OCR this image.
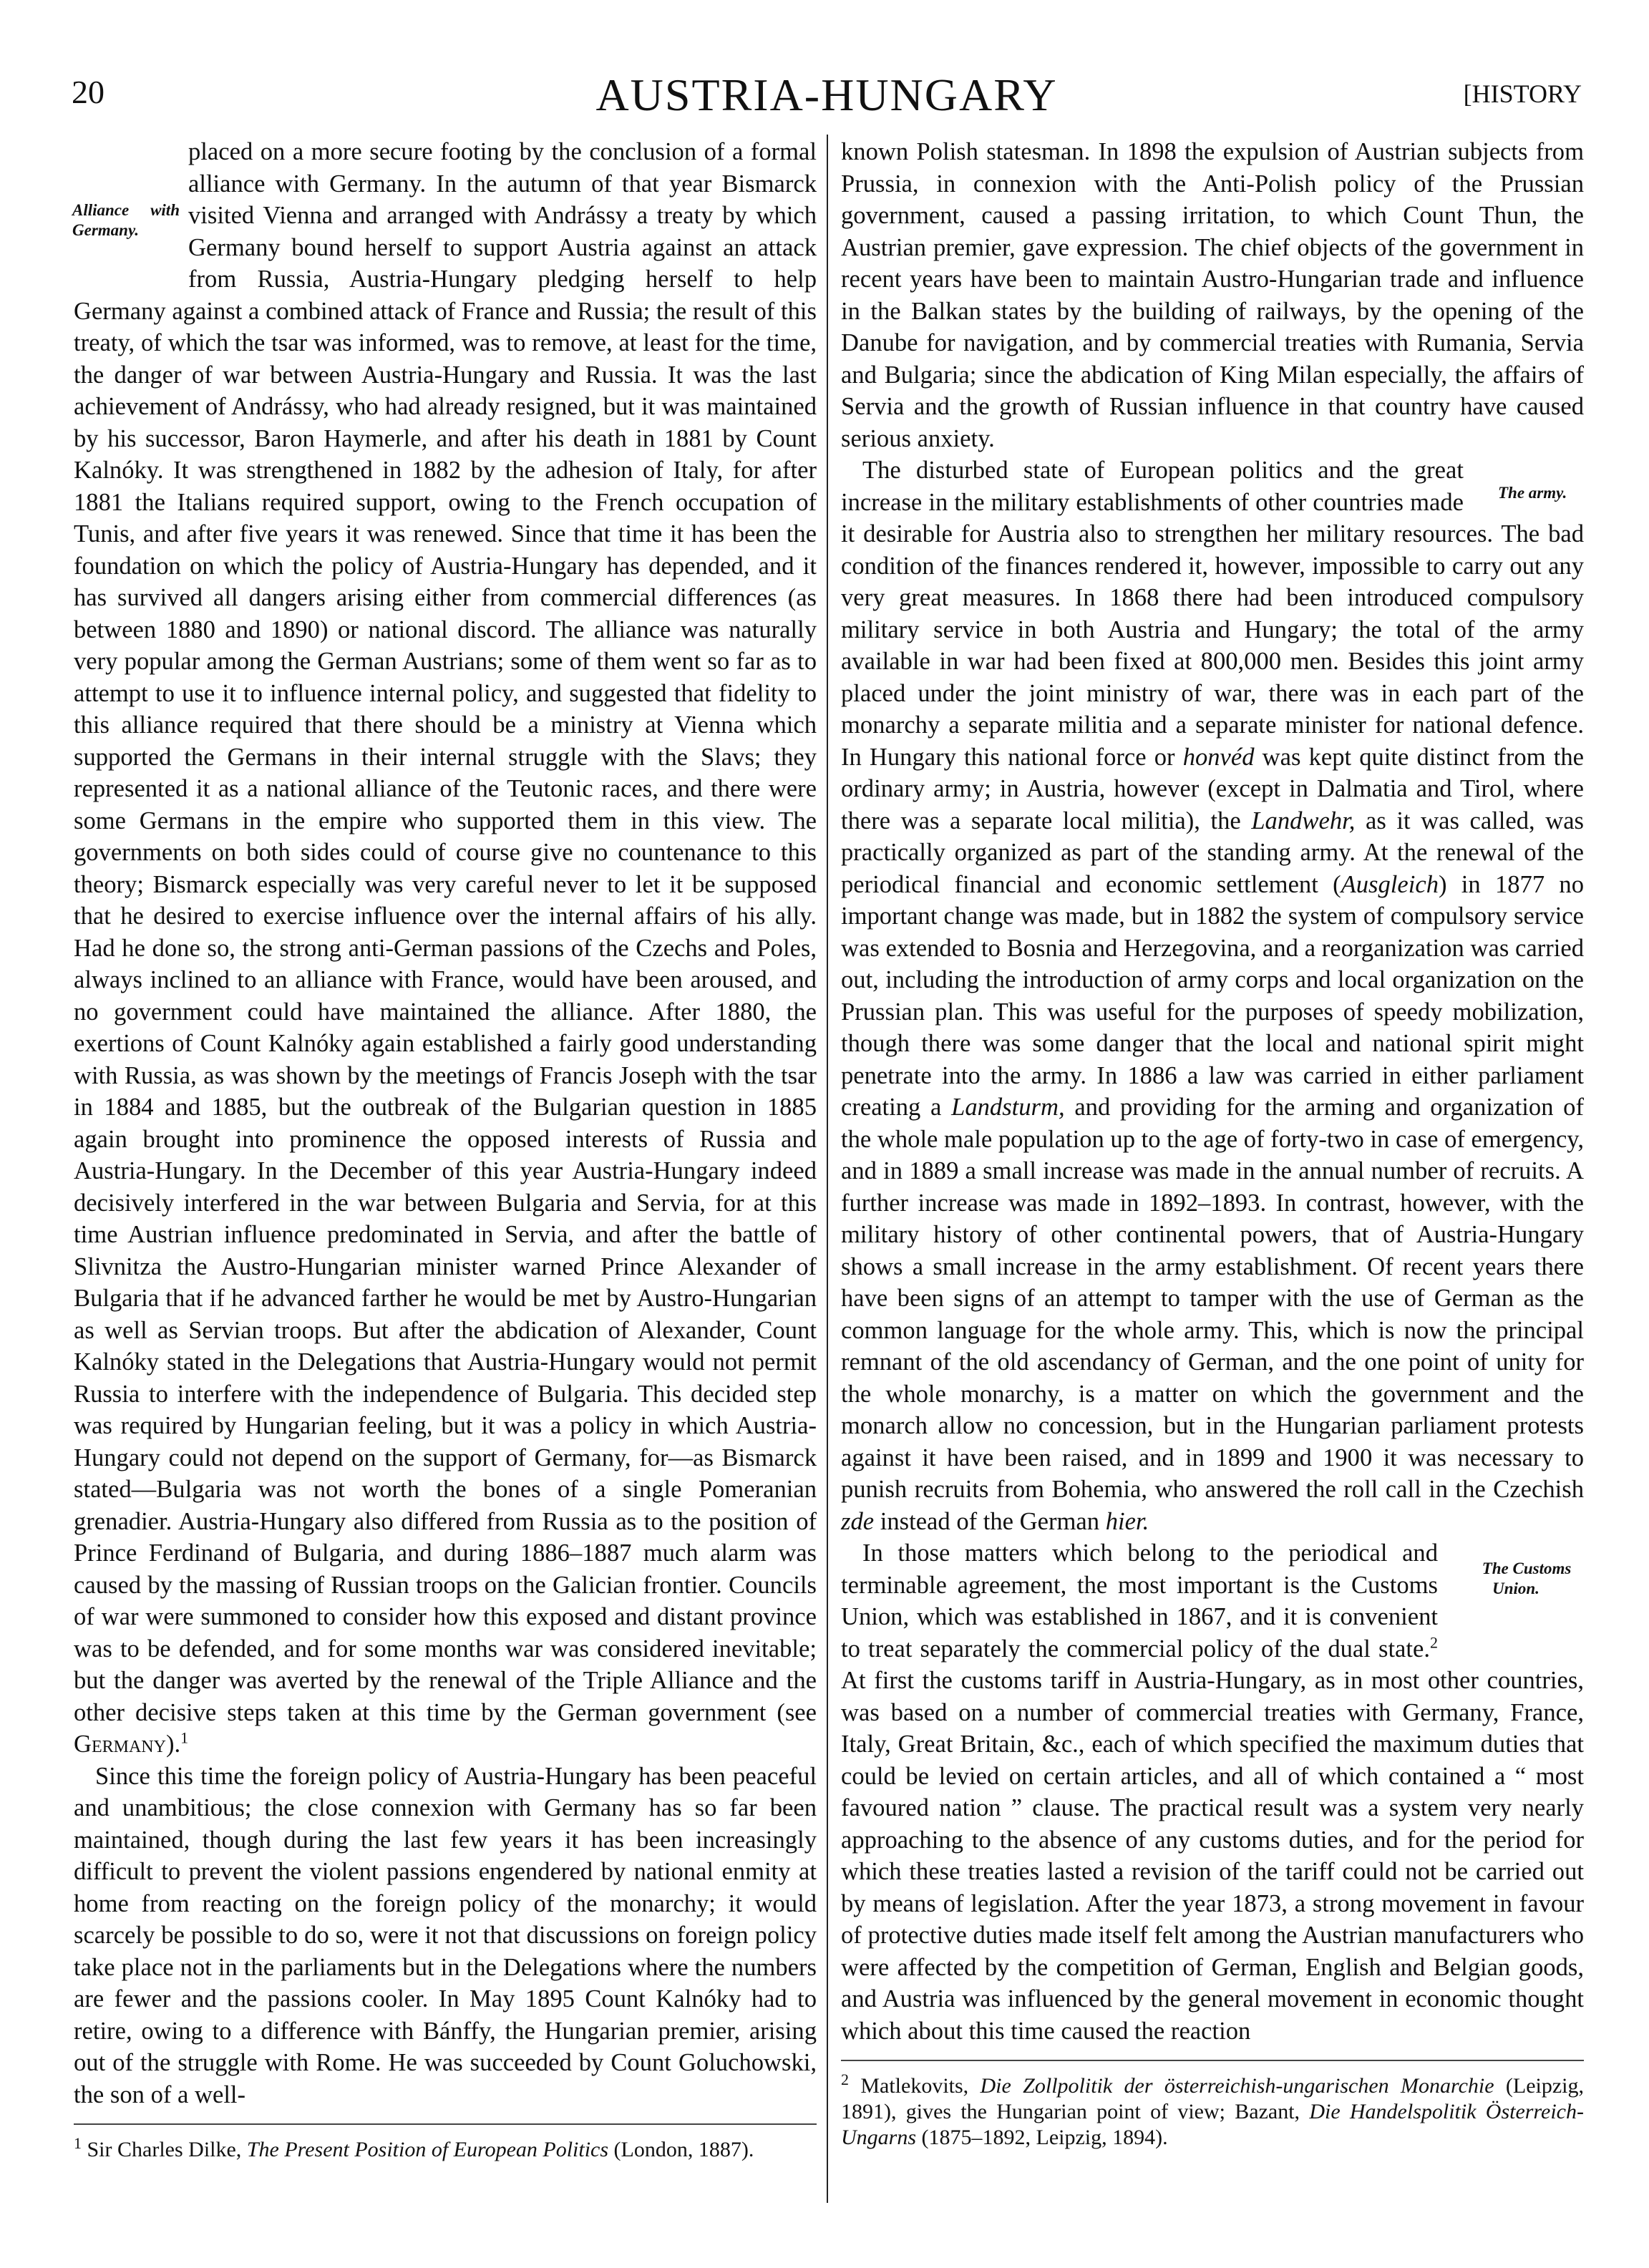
20	AUSTRIA-HUNGARY	[HISTORY

Alliance with Germany.
placed on a more secure footing by the conclusion of a formal alliance with Germany. In the autumn of that year Bismarck visited Vienna and arranged with Andrássy a treaty by which Germany bound herself to support Austria against an attack from Russia, Austria-Hungary pledging herself to help Germany against a combined attack of France and Russia; the result of this treaty, of which the tsar was informed, was to remove, at least for the time, the danger of war between Austria-Hungary and Russia. It was the last achievement of Andrássy, who had already resigned, but it was maintained by his successor, Baron Haymerle, and after his death in 1881 by Count Kalnóky. It was strengthened in 1882 by the adhesion of Italy, for after 1881 the Italians required support, owing to the French occupation of Tunis, and after five years it was renewed. Since that time it has been the foundation on which the policy of Austria-Hungary has depended, and it has survived all dangers arising either from commercial differences (as between 1880 and 1890) or national discord. The alliance was naturally very popular among the German Austrians; some of them went so far as to attempt to use it to influence internal policy, and suggested that fidelity to this alliance required that there should be a ministry at Vienna which supported the Germans in their internal struggle with the Slavs; they represented it as a national alliance of the Teutonic races, and there were some Germans in the empire who supported them in this view. The governments on both sides could of course give no countenance to this theory; Bismarck especially was very careful never to let it be supposed that he desired to exercise influence over the internal affairs of his ally. Had he done so, the strong anti-German passions of the Czechs and Poles, always inclined to an alliance with France, would have been aroused, and no government could have maintained the alliance. After 1880, the exertions of Count Kalnóky again established a fairly good understanding with Russia, as was shown by the meetings of Francis Joseph with the tsar in 1884 and 1885, but the outbreak of the Bulgarian question in 1885 again brought into prominence the opposed interests of Russia and Austria-Hungary. In the December of this year Austria-Hungary indeed decisively interfered in the war between Bulgaria and Servia, for at this time Austrian influence predominated in Servia, and after the battle of Slivnitza the Austro-Hungarian minister warned Prince Alexander of Bulgaria that if he advanced farther he would be met by Austro-Hungarian as well as Servian troops. But after the abdication of Alexander, Count Kalnóky stated in the Delegations that Austria-Hungary would not permit Russia to interfere with the independence of Bulgaria. This decided step was required by Hungarian feeling, but it was a policy in which Austria-Hungary could not depend on the support of Germany, for—as Bismarck stated—Bulgaria was not worth the bones of a single Pomeranian grenadier. Austria-Hungary also differed from Russia as to the position of Prince Ferdinand of Bulgaria, and during 1886–1887 much alarm was caused by the massing of Russian troops on the Galician frontier. Councils of war were summoned to consider how this exposed and distant province was to be defended, and for some months war was considered inevitable; but the danger was averted by the renewal of the Triple Alliance and the other decisive steps taken at this time by the German government (see Germany).$^1$

Since this time the foreign policy of Austria-Hungary has been peaceful and unambitious; the close connexion with Germany has so far been maintained, though during the last few years it has been increasingly difficult to prevent the violent passions engendered by national enmity at home from reacting on the foreign policy of the monarchy; it would scarcely be possible to do so, were it not that discussions on foreign policy take place not in the parliaments but in the Delegations where the numbers are fewer and the passions cooler. In May 1895 Count Kalnóky had to retire, owing to a difference with Bánffy, the Hungarian premier, arising out of the struggle with Rome. He was succeeded by Count Goluchowski, the son of a well-

$^1$ Sir Charles Dilke, The Present Position of European Politics (London, 1887).

known Polish statesman. In 1898 the expulsion of Austrian subjects from Prussia, in connexion with the Anti-Polish policy of the Prussian government, caused a passing irritation, to which Count Thun, the Austrian premier, gave expression. The chief objects of the government in recent years have been to maintain Austro-Hungarian trade and influence in the Balkan states by the building of railways, by the opening of the Danube for navigation, and by commercial treaties with Rumania, Servia and Bulgaria; since the abdication of King Milan especially, the affairs of Servia and the growth of Russian influence in that country have caused serious anxiety.

The army.
The disturbed state of European politics and the great increase in the military establishments of other countries made it desirable for Austria also to strengthen her military resources. The bad condition of the finances rendered it, however, impossible to carry out any very great measures. In 1868 there had been introduced compulsory military service in both Austria and Hungary; the total of the army available in war had been fixed at 800,000 men. Besides this joint army placed under the joint ministry of war, there was in each part of the monarchy a separate militia and a separate minister for national defence. In Hungary this national force or honvéd was kept quite distinct from the ordinary army; in Austria, however (except in Dalmatia and Tirol, where there was a separate local militia), the Landwehr, as it was called, was practically organized as part of the standing army. At the renewal of the periodical financial and economic settlement (Ausgleich) in 1877 no important change was made, but in 1882 the system of compulsory service was extended to Bosnia and Herzegovina, and a reorganization was carried out, including the introduction of army corps and local organization on the Prussian plan. This was useful for the purposes of speedy mobilization, though there was some danger that the local and national spirit might penetrate into the army. In 1886 a law was carried in either parliament creating a Landsturm, and providing for the arming and organization of the whole male population up to the age of forty-two in case of emergency, and in 1889 a small increase was made in the annual number of recruits. A further increase was made in 1892–1893. In contrast, however, with the military history of other continental powers, that of Austria-Hungary shows a small increase in the army establishment. Of recent years there have been signs of an attempt to tamper with the use of German as the common language for the whole army. This, which is now the principal remnant of the old ascendancy of German, and the one point of unity for the whole monarchy, is a matter on which the government and the monarch allow no concession, but in the Hungarian parliament protests against it have been raised, and in 1899 and 1900 it was necessary to punish recruits from Bohemia, who answered the roll call in the Czechish zde instead of the German hier.

The Customs Union.
In those matters which belong to the periodical and terminable agreement, the most important is the Customs Union, which was established in 1867, and it is convenient to treat separately the commercial policy of the dual state.$^2$ At first the customs tariff in Austria-Hungary, as in most other countries, was based on a number of commercial treaties with Germany, France, Italy, Great Britain, &c., each of which specified the maximum duties that could be levied on certain articles, and all of which contained a “ most favoured nation ” clause. The practical result was a system very nearly approaching to the absence of any customs duties, and for the period for which these treaties lasted a revision of the tariff could not be carried out by means of legislation. After the year 1873, a strong movement in favour of protective duties made itself felt among the Austrian manufacturers who were affected by the competition of German, English and Belgian goods, and Austria was influenced by the general movement in economic thought which about this time caused the reaction

$^2$ Matlekovits, Die Zollpolitik der österreichish-ungarischen Monarchie (Leipzig, 1891), gives the Hungarian point of view; Bazant, Die Handelspolitik Österreich-Ungarns (1875–1892, Leipzig, 1894).
